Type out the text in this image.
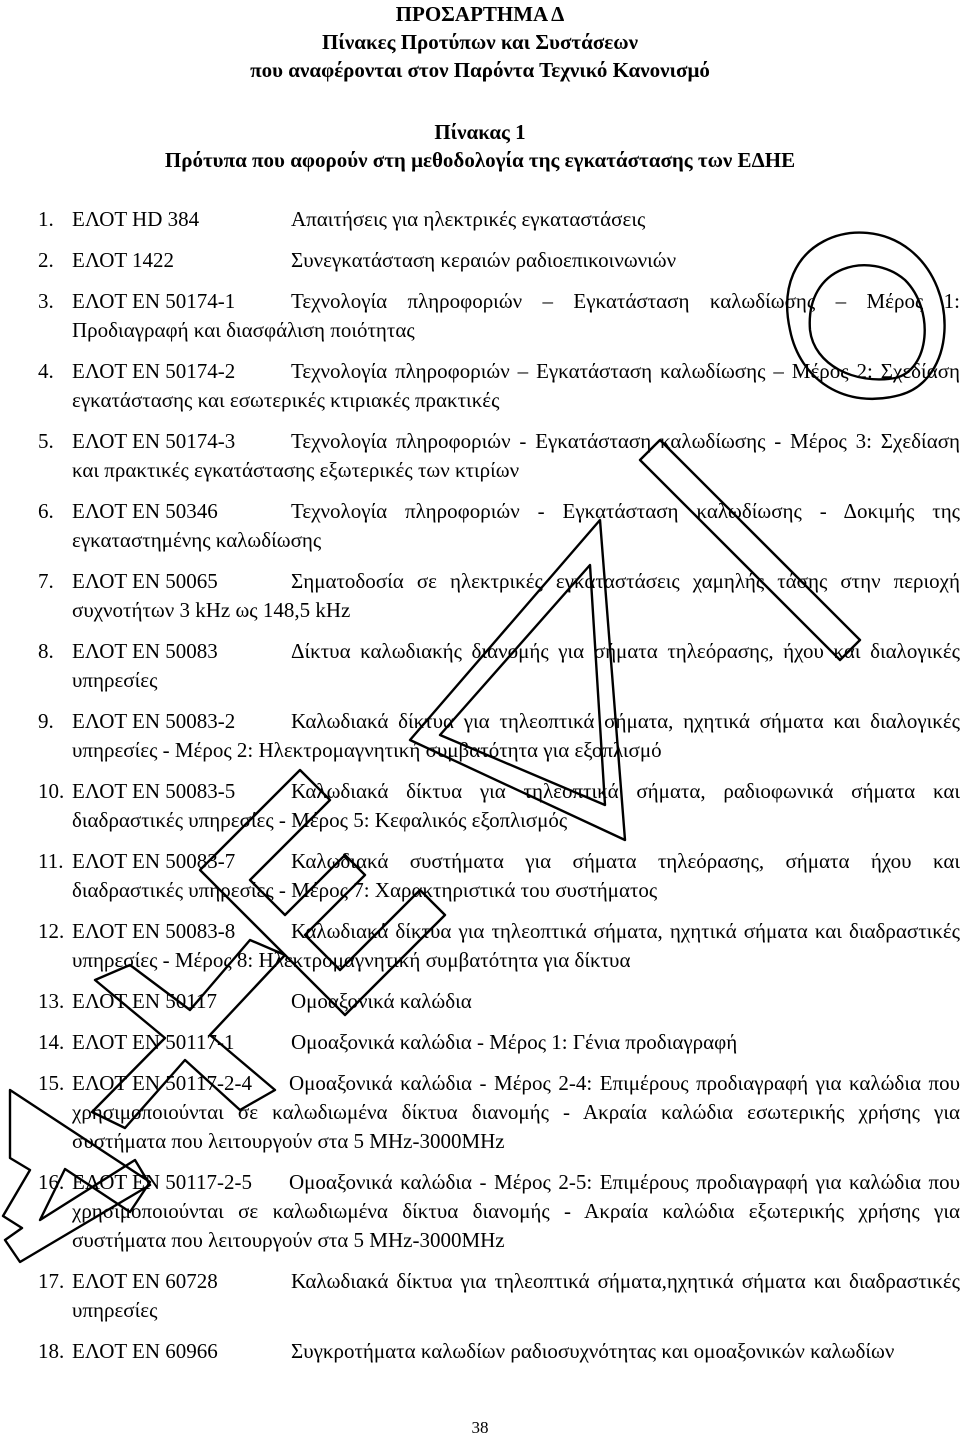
ΠΡΟΣΑΡΤΗΜΑ Δ
Πίνακες Προτύπων και Συστάσεων
που αναφέρονται στον Παρόντα Τεχνικό Κανονισμό
Πίνακας 1
Πρότυπα που αφορούν στη μεθοδολογία της εγκατάστασης των ΕΔΗΕ
1. ΕΛΟΤ HD 384	Απαιτήσεις για ηλεκτρικές εγκαταστάσεις
2. ΕΛΟΤ 1422	Συνεγκατάσταση κεραιών ραδιοεπικοινωνιών
3. ΕΛΟΤ EN 50174-1	Τεχνολογία πληροφοριών – Εγκατάσταση καλωδίωσης – Μέρος 1: Προδιαγραφή και διασφάλιση ποιότητας
4. ΕΛΟΤ EN 50174-2	Τεχνολογία πληροφοριών – Εγκατάσταση καλωδίωσης – Μέρος 2: Σχεδίαση εγκατάστασης και εσωτερικές κτιριακές πρακτικές
5. ΕΛΟΤ EN 50174-3	Τεχνολογία πληροφοριών - Εγκατάσταση καλωδίωσης - Μέρος 3: Σχεδίαση και πρακτικές εγκατάστασης εξωτερικές των κτιρίων
6. ΕΛΟΤ EN 50346	Τεχνολογία πληροφοριών - Εγκατάσταση καλωδίωσης - Δοκιμής της εγκαταστημένης καλωδίωσης
7. ΕΛΟΤ EN 50065	Σηματοδοσία σε ηλεκτρικές εγκαταστάσεις χαμηλής τάσης στην περιοχή συχνοτήτων 3 kHz ως 148,5 kHz
8. ΕΛΟΤ EN 50083	Δίκτυα καλωδιακής διανομής για σήματα τηλεόρασης, ήχου και διαλογικές υπηρεσίες
9. ΕΛΟΤ EN 50083-2	Καλωδιακά δίκτυα για τηλεοπτικά σήματα, ηχητικά σήματα και διαλογικές υπηρεσίες - Μέρος 2: Ηλεκτρομαγνητική συμβατότητα για εξοπλισμό
10. ΕΛΟΤ EN 50083-5	Καλωδιακά δίκτυα για τηλεοπτικά σήματα, ραδιοφωνικά σήματα και διαδραστικές υπηρεσίες - Μέρος 5: Κεφαλικός εξοπλισμός
11. ΕΛΟΤ EN 50083-7	Καλωδιακά συστήματα για σήματα τηλεόρασης, σήματα ήχου και διαδραστικές υπηρεσίες - Μέρος 7: Χαρακτηριστικά του συστήματος
12. ΕΛΟΤ EN 50083-8	Καλωδιακά δίκτυα για τηλεοπτικά σήματα, ηχητικά σήματα και διαδραστικές υπηρεσίες - Μέρος 8: Ηλεκτρομαγνητική συμβατότητα για δίκτυα
13. ΕΛΟΤ EN 50117	Ομοαξονικά καλώδια
14. ΕΛΟΤ EN 50117-1	Ομοαξονικά καλώδια - Μέρος 1: Γένια προδιαγραφή
15. ΕΛΟΤ EN 50117-2-4	Ομοαξονικά καλώδια - Μέρος 2-4: Επιμέρους προδιαγραφή για καλώδια που χρησιμοποιούνται σε καλωδιωμένα δίκτυα διανομής - Ακραία καλώδια εσωτερικής χρήσης για συστήματα που λειτουργούν στα 5 MHz-3000MHz
16. ΕΛΟΤ EN 50117-2-5	Ομοαξονικά καλώδια - Μέρος 2-5: Επιμέρους προδιαγραφή για καλώδια που χρησιμοποιούνται σε καλωδιωμένα δίκτυα διανομής - Ακραία καλώδια εξωτερικής χρήσης για συστήματα που λειτουργούν στα 5 MHz-3000MHz
17. ΕΛΟΤ EN 60728	Καλωδιακά δίκτυα για τηλεοπτικά σήματα,ηχητικά σήματα και διαδραστικές υπηρεσίες
18. ΕΛΟΤ EN 60966	Συγκροτήματα καλωδίων ραδιοσυχνότητας και ομοαξονικών καλωδίων
38
